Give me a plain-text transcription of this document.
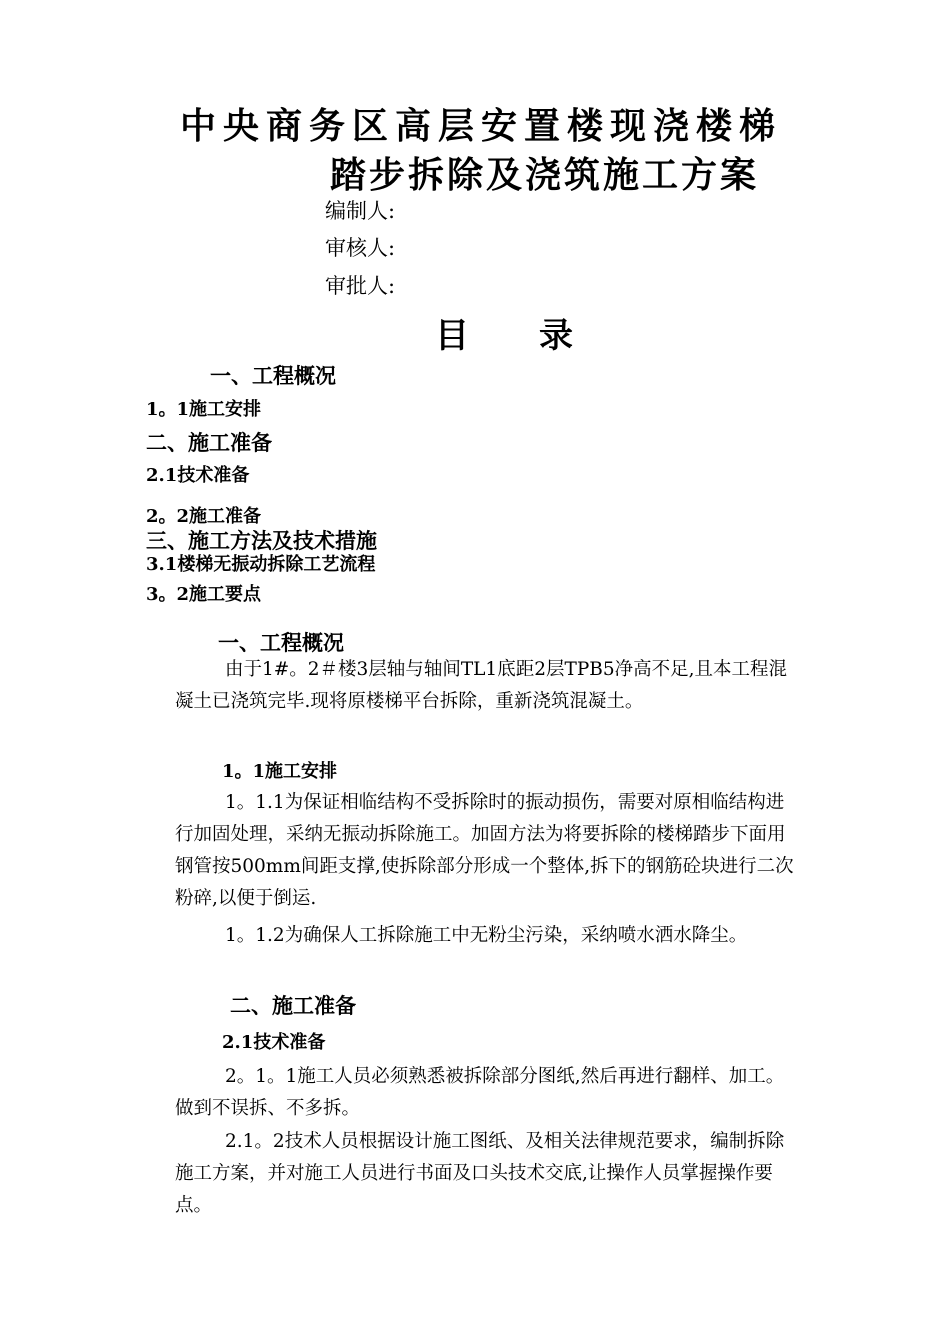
中央商务区高层安置楼现浇楼梯
踏步拆除及浇筑施工方案
编制人:
审核人:
审批人:
目录
一、工程概况
1。1施工安排
二、施工准备
2.1技术准备
2。2施工准备
三、施工方法及技术措施
3.1楼梯无振动拆除工艺流程
3。2施工要点
一、工程概况
由于1#。2＃楼3层轴与轴间TL1底距2层TPB5净高不足,且本工程混凝土已浇筑完毕.现将原楼梯平台拆除，重新浇筑混凝土。
1。1施工安排
1。1.1为保证相临结构不受拆除时的振动损伤，需要对原相临结构进行加固处理，采纳无振动拆除施工。加固方法为将要拆除的楼梯踏步下面用钢管按500mm间距支撑,使拆除部分形成一个整体,拆下的钢筋砼块进行二次粉碎,以便于倒运.
1。1.2为确保人工拆除施工中无粉尘污染，采纳喷水洒水降尘。
二、施工准备
2.1技术准备
2。1。1施工人员必须熟悉被拆除部分图纸,然后再进行翻样、加工。做到不误拆、不多拆。
2.1。2技术人员根据设计施工图纸、及相关法律规范要求，编制拆除施工方案，并对施工人员进行书面及口头技术交底,让操作人员掌握操作要点。
